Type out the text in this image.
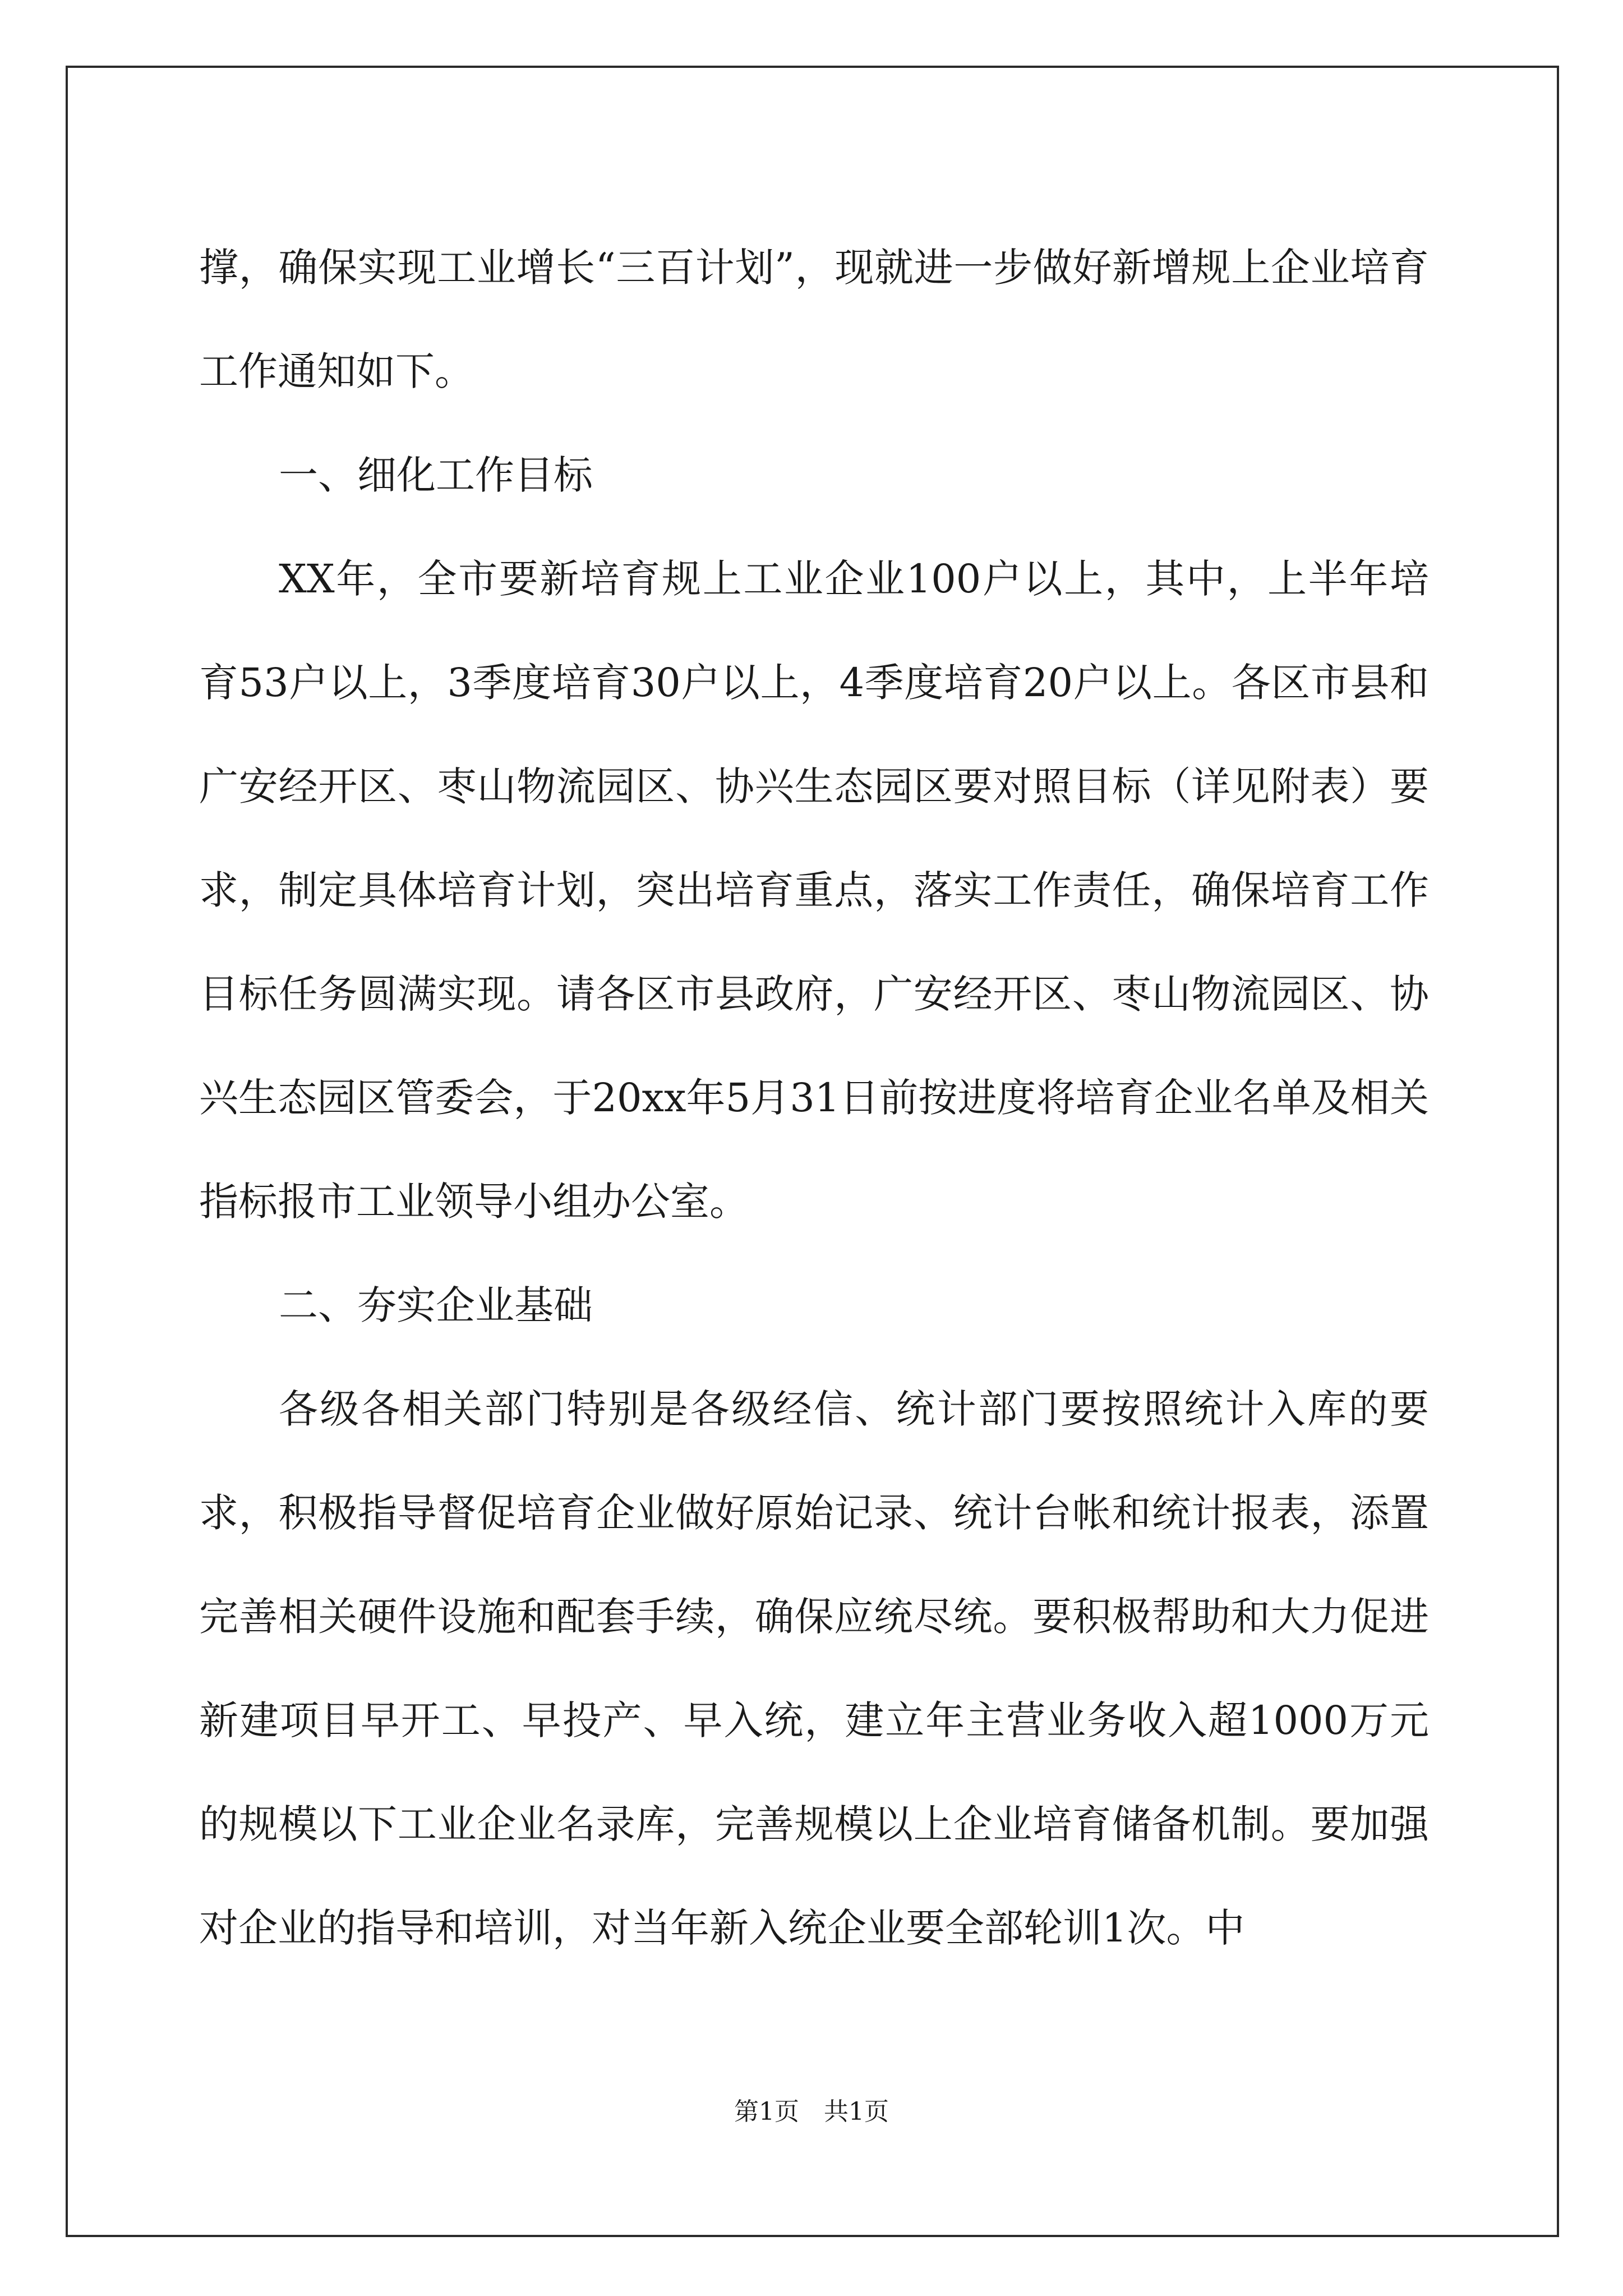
撑，确保实现工业增长“三百计划”，现就进一步做好新增规上企业培育工作通知如下。

一、细化工作目标

XX年，全市要新培育规上工业企业100户以上，其中，上半年培育53户以上，3季度培育30户以上，4季度培育20户以上。各区市县和广安经开区、枣山物流园区、协兴生态园区要对照目标（详见附表）要求，制定具体培育计划，突出培育重点，落实工作责任，确保培育工作目标任务圆满实现。请各区市县政府，广安经开区、枣山物流园区、协兴生态园区管委会，于20xx年5月31日前按进度将培育企业名单及相关指标报市工业领导小组办公室。

二、夯实企业基础

各级各相关部门特别是各级经信、统计部门要按照统计入库的要求，积极指导督促培育企业做好原始记录、统计台帐和统计报表，添置完善相关硬件设施和配套手续，确保应统尽统。要积极帮助和大力促进新建项目早开工、早投产、早入统，建立年主营业务收入超1000万元的规模以下工业企业名录库，完善规模以上企业培育储备机制。要加强对企业的指导和培训，对当年新入统企业要全部轮训1次。中

第1页　共1页
